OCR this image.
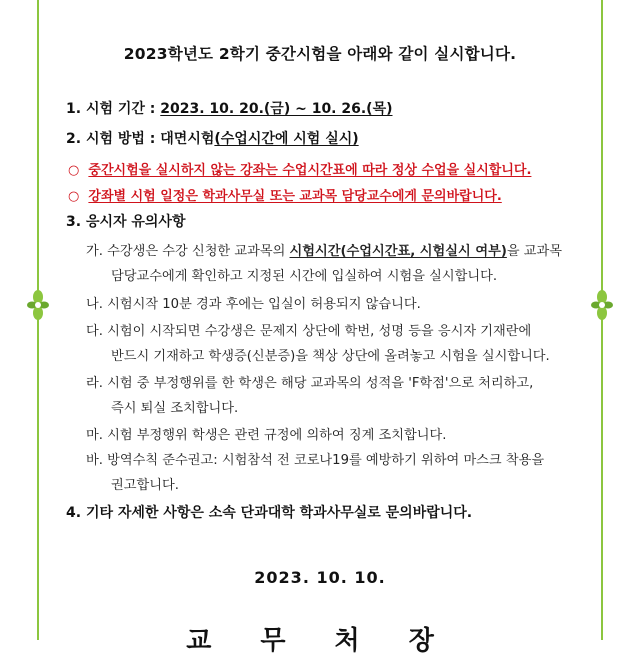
2023학년도 2학기 중간시험을 아래와 같이 실시합니다.
1. 시험 기간 : 2023. 10. 20.(금) ~ 10. 26.(목)
2. 시험 방법 : 대면시험(수업시간에 시험 실시)
○ 중간시험을 실시하지 않는 강좌는 수업시간표에 따라 정상 수업을 실시합니다.
○ 강좌별 시험 일정은 학과사무실 또는 교과목 담당교수에게 문의바랍니다.
3. 응시자 유의사항
가. 수강생은 수강 신청한 교과목의 시험시간(수업시간표, 시험실시 여부)을 교과목
담당교수에게 확인하고 지정된 시간에 입실하여 시험을 실시합니다.
나. 시험시작 10분 경과 후에는 입실이 허용되지 않습니다.
다. 시험이 시작되면 수강생은 문제지 상단에 학번, 성명 등을 응시자 기재란에
반드시 기재하고 학생증(신분증)을 책상 상단에 올려놓고 시험을 실시합니다.
라. 시험 중 부정행위를 한 학생은 해당 교과목의 성적을 'F학점'으로 처리하고,
즉시 퇴실 조치합니다.
마. 시험 부정행위 학생은 관련 규정에 의하여 징계 조치합니다.
바. 방역수칙 준수권고: 시험참석 전 코로나19를 예방하기 위하여 마스크 착용을
권고합니다.
4. 기타 자세한 사항은 소속 단과대학 학과사무실로 문의바랍니다.
2023. 10. 10.
교 무 처 장
